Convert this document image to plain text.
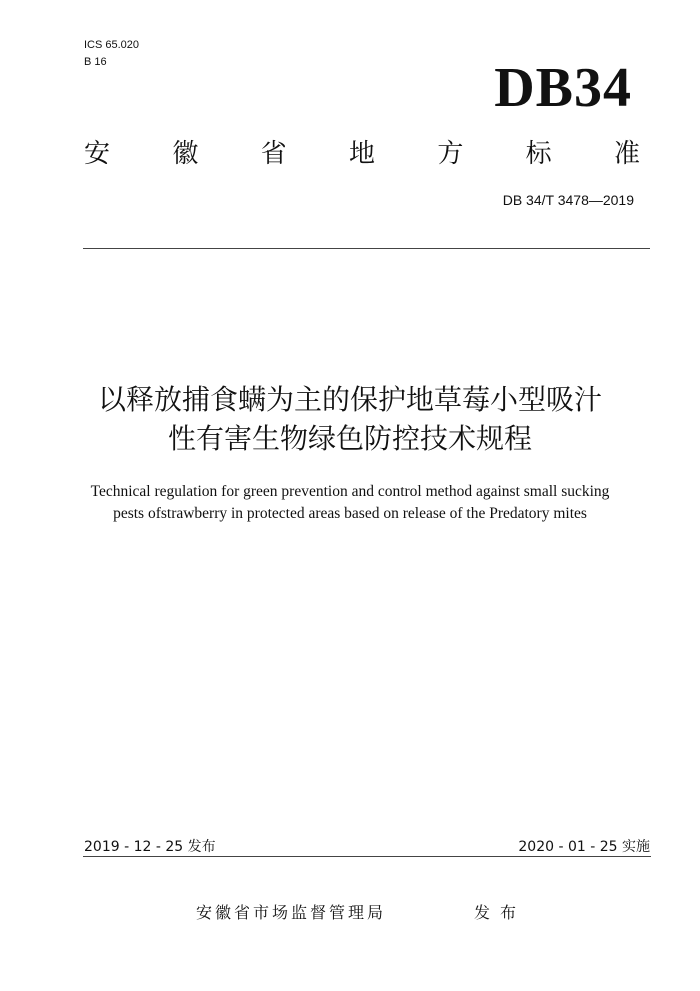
ICS 65.020
B 16	DB34
安 徽 省 地 方 标 准
DB 34/T 3478—2019
以释放捕食螨为主的保护地草莓小型吸汁
性有害生物绿色防控技术规程
Technical regulation for green prevention and control method against small sucking
pests ofstrawberry in protected areas based on release of the Predatory mites
2019 - 12 - 25 发布	2020 - 01 - 25 实施
安徽省市场监督管理局	发布
